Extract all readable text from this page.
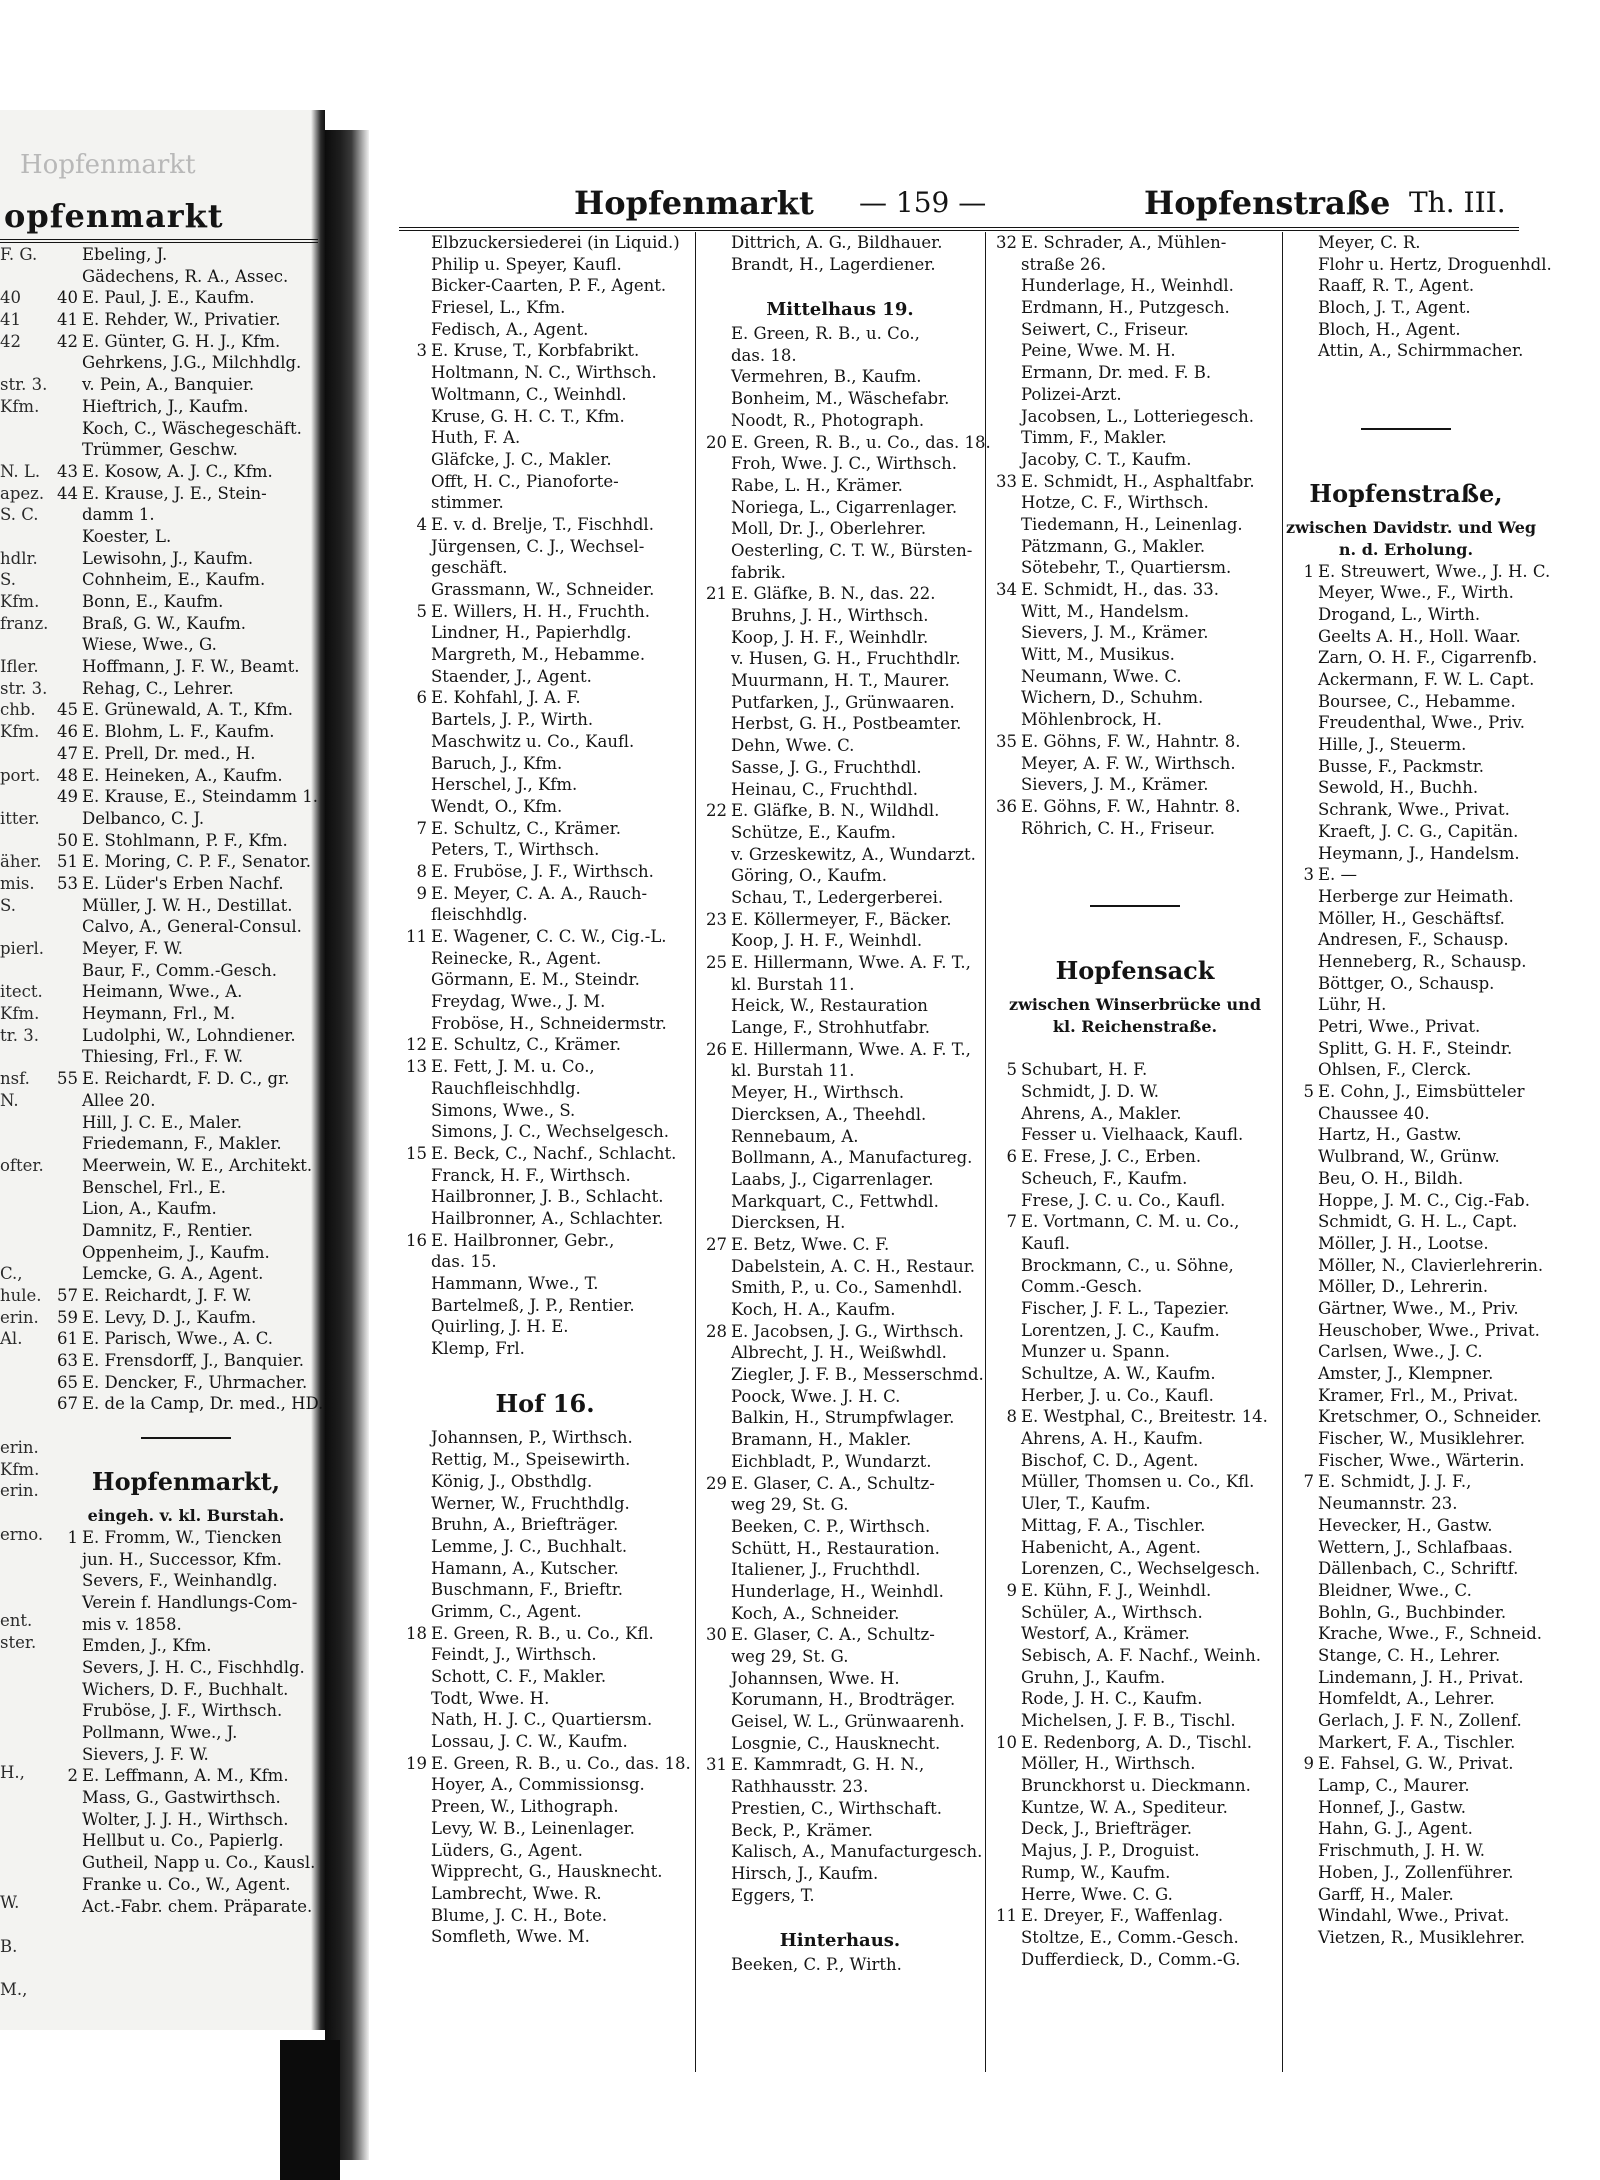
Hopfenmarkt
opfenmarkt
F. G.
40
41
42
str. 3.
Kfm.
N. L.
apez.
S. C.
hdlr.
S.
Kfm.
franz.
Ifler.
str. 3.
chb.
Kfm.
port.
itter.
äher.
mis.
S.
pierl.
itect.
Kfm.
tr. 3.
nsf.
N.
ofter.
C.,
hule.
erin.
Al.
erin.
Kfm.
erin.
erno.
ent.
ster.
H.,
W.
B.
M.,
Ebeling, J.
Gädechens, R. A., Assec.
40 E. Paul, J. E., Kaufm.
41 E. Rehder, W., Privatier.
42 E. Günter, G. H. J., Kfm.
Gehrkens, J.G., Milchhdlg.
v. Pein, A., Banquier.
Hieftrich, J., Kaufm.
Koch, C., Wäschegeschäft.
Trümmer, Geschw.
43 E. Kosow, A. J. C., Kfm.
44 E. Krause, J. E., Stein-
damm 1.
Koester, L.
Lewisohn, J., Kaufm.
Cohnheim, E., Kaufm.
Bonn, E., Kaufm.
Braß, G. W., Kaufm.
Wiese, Wwe., G.
Hoffmann, J. F. W., Beamt.
Rehag, C., Lehrer.
45 E. Grünewald, A. T., Kfm.
46 E. Blohm, L. F., Kaufm.
47 E. Prell, Dr. med., H.
48 E. Heineken, A., Kaufm.
49 E. Krause, E., Steindamm 1.
Delbanco, C. J.
50 E. Stohlmann, P. F., Kfm.
51 E. Moring, C. P. F., Senator.
53 E. Lüder's Erben Nachf.
Müller, J. W. H., Destillat.
Calvo, A., General-Consul.
Meyer, F. W.
Baur, F., Comm.-Gesch.
Heimann, Wwe., A.
Heymann, Frl., M.
Ludolphi, W., Lohndiener.
Thiesing, Frl., F. W.
55 E. Reichardt, F. D. C., gr.
Allee 20.
Hill, J. C. E., Maler.
Friedemann, F., Makler.
Meerwein, W. E., Architekt.
Benschel, Frl., E.
Lion, A., Kaufm.
Damnitz, F., Rentier.
Oppenheim, J., Kaufm.
Lemcke, G. A., Agent.
57 E. Reichardt, J. F. W.
59 E. Levy, D. J., Kaufm.
61 E. Parisch, Wwe., A. C.
63 E. Frensdorff, J., Banquier.
65 E. Dencker, F., Uhrmacher.
67 E. de la Camp, Dr. med., HD.
Hopfenmarkt,
eingeh. v. kl. Burstah.
1 E. Fromm, W., Tiencken
jun. H., Successor, Kfm.
Severs, F., Weinhandlg.
Verein f. Handlungs-Com-
mis v. 1858.
Emden, J., Kfm.
Severs, J. H. C., Fischhdlg.
Wichers, D. F., Buchhalt.
Fruböse, J. F., Wirthsch.
Pollmann, Wwe., J.
Sievers, J. F. W.
2 E. Leffmann, A. M., Kfm.
Mass, G., Gastwirthsch.
Wolter, J. J. H., Wirthsch.
Hellbut u. Co., Papierlg.
Gutheil, Napp u. Co., Kausl.
Franke u. Co., W., Agent.
Act.-Fabr. chem. Präparate.
Hopfenmarkt — 159 —	Hopfenstraße Th. III.
Elbzuckersiederei (in Liquid.)
Philip u. Speyer, Kaufl.
Bicker-Caarten, P. F., Agent.
Friesel, L., Kfm.
Fedisch, A., Agent.
3 E. Kruse, T., Korbfabrikt.
Holtmann, N. C., Wirthsch.
Woltmann, C., Weinhdl.
Kruse, G. H. C. T., Kfm.
Huth, F. A.
Gläfcke, J. C., Makler.
Offt, H. C., Pianoforte-
stimmer.
4 E. v. d. Brelje, T., Fischhdl.
Jürgensen, C. J., Wechsel-
geschäft.
Grassmann, W., Schneider.
5 E. Willers, H. H., Fruchth.
Lindner, H., Papierhdlg.
Margreth, M., Hebamme.
Staender, J., Agent.
6 E. Kohfahl, J. A. F.
Bartels, J. P., Wirth.
Maschwitz u. Co., Kaufl.
Baruch, J., Kfm.
Herschel, J., Kfm.
Wendt, O., Kfm.
7 E. Schultz, C., Krämer.
Peters, T., Wirthsch.
8 E. Fruböse, J. F., Wirthsch.
9 E. Meyer, C. A. A., Rauch-
fleischhdlg.
11 E. Wagener, C. C. W., Cig.-L.
Reinecke, R., Agent.
Görmann, E. M., Steindr.
Freydag, Wwe., J. M.
Froböse, H., Schneidermstr.
12 E. Schultz, C., Krämer.
13 E. Fett, J. M. u. Co.,
Rauchfleischhdlg.
Simons, Wwe., S.
Simons, J. C., Wechselgesch.
15 E. Beck, C., Nachf., Schlacht.
Franck, H. F., Wirthsch.
Hailbronner, J. B., Schlacht.
Hailbronner, A., Schlachter.
16 E. Hailbronner, Gebr.,
das. 15.
Hammann, Wwe., T.
Bartelmeß, J. P., Rentier.
Quirling, J. H. E.
Klemp, Frl.
Hof 16.
Johannsen, P., Wirthsch.
Rettig, M., Speisewirth.
König, J., Obsthdlg.
Werner, W., Fruchthdlg.
Bruhn, A., Briefträger.
Lemme, J. C., Buchhalt.
Hamann, A., Kutscher.
Buschmann, F., Brieftr.
Grimm, C., Agent.
18 E. Green, R. B., u. Co., Kfl.
Feindt, J., Wirthsch.
Schott, C. F., Makler.
Todt, Wwe. H.
Nath, H. J. C., Quartiersm.
Lossau, J. C. W., Kaufm.
19 E. Green, R. B., u. Co., das. 18.
Hoyer, A., Commissionsg.
Preen, W., Lithograph.
Levy, W. B., Leinenlager.
Lüders, G., Agent.
Wipprecht, G., Hausknecht.
Lambrecht, Wwe. R.
Blume, J. C. H., Bote.
Somfleth, Wwe. M.
Dittrich, A. G., Bildhauer.
Brandt, H., Lagerdiener.
Mittelhaus 19.
E. Green, R. B., u. Co.,
das. 18.
Vermehren, B., Kaufm.
Bonheim, M., Wäschefabr.
Noodt, R., Photograph.
20 E. Green, R. B., u. Co., das. 18.
Froh, Wwe. J. C., Wirthsch.
Rabe, L. H., Krämer.
Noriega, L., Cigarrenlager.
Moll, Dr. J., Oberlehrer.
Oesterling, C. T. W., Bürsten-
fabrik.
21 E. Gläfke, B. N., das. 22.
Bruhns, J. H., Wirthsch.
Koop, J. H. F., Weinhdlr.
v. Husen, G. H., Fruchthdlr.
Muurmann, H. T., Maurer.
Putfarken, J., Grünwaaren.
Herbst, G. H., Postbeamter.
Dehn, Wwe. C.
Sasse, J. G., Fruchthdl.
Heinau, C., Fruchthdl.
22 E. Gläfke, B. N., Wildhdl.
Schütze, E., Kaufm.
v. Grzeskewitz, A., Wundarzt.
Göring, O., Kaufm.
Schau, T., Ledergerberei.
23 E. Köllermeyer, F., Bäcker.
Koop, J. H. F., Weinhdl.
25 E. Hillermann, Wwe. A. F. T.,
kl. Burstah 11.
Heick, W., Restauration
Lange, F., Strohhutfabr.
26 E. Hillermann, Wwe. A. F. T.,
kl. Burstah 11.
Meyer, H., Wirthsch.
Diercksen, A., Theehdl.
Rennebaum, A.
Bollmann, A., Manufactureg.
Laabs, J., Cigarrenlager.
Markquart, C., Fettwhdl.
Diercksen, H.
27 E. Betz, Wwe. C. F.
Dabelstein, A. C. H., Restaur.
Smith, P., u. Co., Samenhdl.
Koch, H. A., Kaufm.
28 E. Jacobsen, J. G., Wirthsch.
Albrecht, J. H., Weißwhdl.
Ziegler, J. F. B., Messerschmd.
Poock, Wwe. J. H. C.
Balkin, H., Strumpfwlager.
Bramann, H., Makler.
Eichbladt, P., Wundarzt.
29 E. Glaser, C. A., Schultz-
weg 29, St. G.
Beeken, C. P., Wirthsch.
Schütt, H., Restauration.
Italiener, J., Fruchthdl.
Hunderlage, H., Weinhdl.
Koch, A., Schneider.
30 E. Glaser, C. A., Schultz-
weg 29, St. G.
Johannsen, Wwe. H.
Korumann, H., Brodträger.
Geisel, W. L., Grünwaarenh.
Losgnie, C., Hausknecht.
31 E. Kammradt, G. H. N.,
Rathhausstr. 23.
Prestien, C., Wirthschaft.
Beck, P., Krämer.
Kalisch, A., Manufacturgesch.
Hirsch, J., Kaufm.
Eggers, T.
Hinterhaus.
Beeken, C. P., Wirth.
32 E. Schrader, A., Mühlen-
straße 26.
Hunderlage, H., Weinhdl.
Erdmann, H., Putzgesch.
Seiwert, C., Friseur.
Peine, Wwe. M. H.
Ermann, Dr. med. F. B.
Polizei-Arzt.
Jacobsen, L., Lotteriegesch.
Timm, F., Makler.
Jacoby, C. T., Kaufm.
33 E. Schmidt, H., Asphaltfabr.
Hotze, C. F., Wirthsch.
Tiedemann, H., Leinenlag.
Pätzmann, G., Makler.
Sötebehr, T., Quartiersm.
34 E. Schmidt, H., das. 33.
Witt, M., Handelsm.
Sievers, J. M., Krämer.
Witt, M., Musikus.
Neumann, Wwe. C.
Wichern, D., Schuhm.
Möhlenbrock, H.
35 E. Göhns, F. W., Hahntr. 8.
Meyer, A. F. W., Wirthsch.
Sievers, J. M., Krämer.
36 E. Göhns, F. W., Hahntr. 8.
Röhrich, C. H., Friseur.
Hopfensack
zwischen Winserbrücke und
kl. Reichenstraße.
5 Schubart, H. F.
Schmidt, J. D. W.
Ahrens, A., Makler.
Fesser u. Vielhaack, Kaufl.
6 E. Frese, J. C., Erben.
Scheuch, F., Kaufm.
Frese, J. C. u. Co., Kaufl.
7 E. Vortmann, C. M. u. Co.,
Kaufl.
Brockmann, C., u. Söhne,
Comm.-Gesch.
Fischer, J. F. L., Tapezier.
Lorentzen, J. C., Kaufm.
Munzer u. Spann.
Schultze, A. W., Kaufm.
Herber, J. u. Co., Kaufl.
8 E. Westphal, C., Breitestr. 14.
Ahrens, A. H., Kaufm.
Bischof, C. D., Agent.
Müller, Thomsen u. Co., Kfl.
Uler, T., Kaufm.
Mittag, F. A., Tischler.
Habenicht, A., Agent.
Lorenzen, C., Wechselgesch.
9 E. Kühn, F. J., Weinhdl.
Schüler, A., Wirthsch.
Westorf, A., Krämer.
Sebisch, A. F. Nachf., Weinh.
Gruhn, J., Kaufm.
Rode, J. H. C., Kaufm.
Michelsen, J. F. B., Tischl.
10 E. Redenborg, A. D., Tischl.
Möller, H., Wirthsch.
Brunckhorst u. Dieckmann.
Kuntze, W. A., Spediteur.
Deck, J., Briefträger.
Majus, J. P., Droguist.
Rump, W., Kaufm.
Herre, Wwe. C. G.
11 E. Dreyer, F., Waffenlag.
Stoltze, E., Comm.-Gesch.
Dufferdieck, D., Comm.-G.
Meyer, C. R.
Flohr u. Hertz, Droguenhdl.
Raaff, R. T., Agent.
Bloch, J. T., Agent.
Bloch, H., Agent.
Attin, A., Schirmmacher.
Hopfenstraße,
zwischen Davidstr. und Weg
n. d. Erholung.
1 E. Streuwert, Wwe., J. H. C.
Meyer, Wwe., F., Wirth.
Drogand, L., Wirth.
Geelts A. H., Holl. Waar.
Zarn, O. H. F., Cigarrenfb.
Ackermann, F. W. L. Capt.
Boursee, C., Hebamme.
Freudenthal, Wwe., Priv.
Hille, J., Steuerm.
Busse, F., Packmstr.
Sewold, H., Buchh.
Schrank, Wwe., Privat.
Kraeft, J. C. G., Capitän.
Heymann, J., Handelsm.
3 E. —
Herberge zur Heimath.
Möller, H., Geschäftsf.
Andresen, F., Schausp.
Henneberg, R., Schausp.
Böttger, O., Schausp.
Lühr, H.
Petri, Wwe., Privat.
Splitt, G. H. F., Steindr.
Ohlsen, F., Clerck.
5 E. Cohn, J., Eimsbütteler
Chaussee 40.
Hartz, H., Gastw.
Wulbrand, W., Grünw.
Beu, O. H., Bildh.
Hoppe, J. M. C., Cig.-Fab.
Schmidt, G. H. L., Capt.
Möller, J. H., Lootse.
Möller, N., Clavierlehrerin.
Möller, D., Lehrerin.
Gärtner, Wwe., M., Priv.
Heuschober, Wwe., Privat.
Carlsen, Wwe., J. C.
Amster, J., Klempner.
Kramer, Frl., M., Privat.
Kretschmer, O., Schneider.
Fischer, W., Musiklehrer.
Fischer, Wwe., Wärterin.
7 E. Schmidt, J. J. F.,
Neumannstr. 23.
Hevecker, H., Gastw.
Wettern, J., Schlafbaas.
Dällenbach, C., Schriftf.
Bleidner, Wwe., C.
Bohln, G., Buchbinder.
Krache, Wwe., F., Schneid.
Stange, C. H., Lehrer.
Lindemann, J. H., Privat.
Homfeldt, A., Lehrer.
Gerlach, J. F. N., Zollenf.
Markert, F. A., Tischler.
9 E. Fahsel, G. W., Privat.
Lamp, C., Maurer.
Honnef, J., Gastw.
Hahn, G. J., Agent.
Frischmuth, J. H. W.
Hoben, J., Zollenführer.
Garff, H., Maler.
Windahl, Wwe., Privat.
Vietzen, R., Musiklehrer.
